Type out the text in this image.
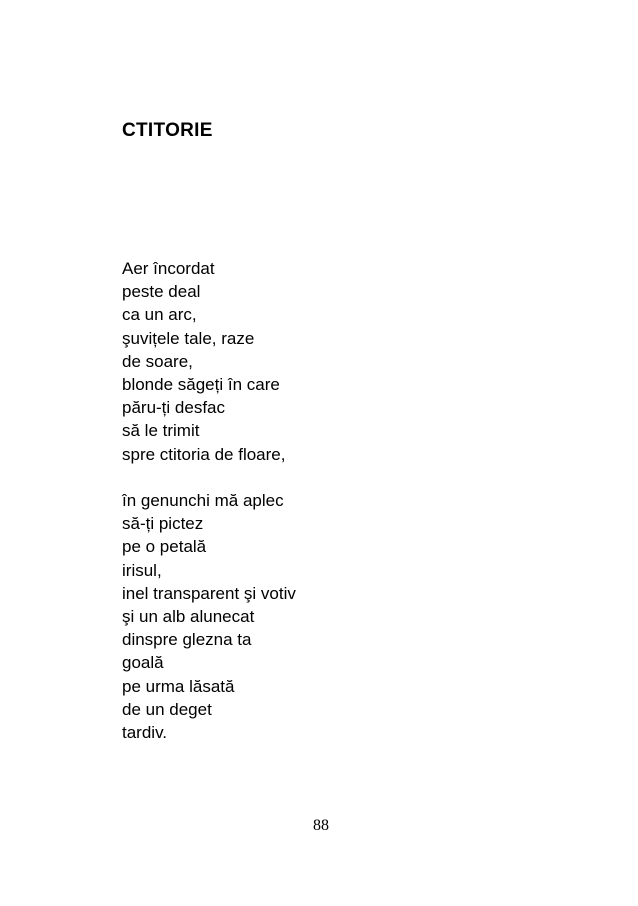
CTITORIE
Aer încordat
peste deal
ca un arc,
şuvițele tale, raze
de soare,
blonde săgeți în care
păru-ți desfac
să le trimit
spre ctitoria de floare,
în genunchi mă aplec
să-ți pictez
pe o petală
irisul,
inel transparent şi votiv
şi un alb alunecat
dinspre glezna ta
goală
pe urma lăsată
de un deget
tardiv.
88
